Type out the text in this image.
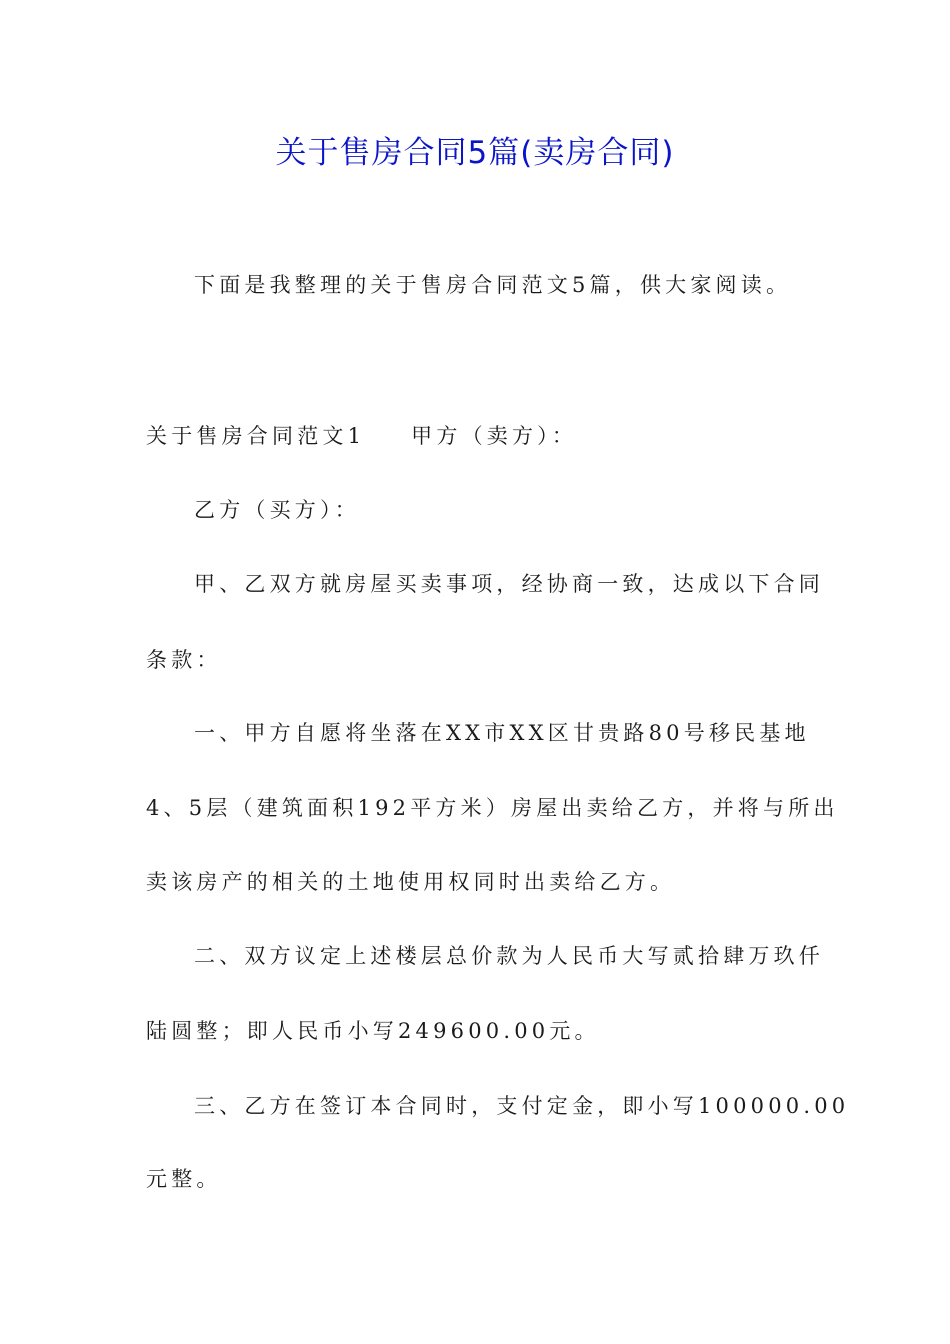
关于售房合同5篇(卖房合同)
下面是我整理的关于售房合同范文5篇，供大家阅读。
关于售房合同范文1 甲方（卖方）：
乙方（买方）：
甲、乙双方就房屋买卖事项，经协商一致，达成以下合同
条款：
一、甲方自愿将坐落在XX市XX区甘贵路80号移民基地
4、5层（建筑面积192平方米）房屋出卖给乙方，并将与所出
卖该房产的相关的土地使用权同时出卖给乙方。
二、双方议定上述楼层总价款为人民币大写贰拾肆万玖仟
陆圆整；即人民币小写249600.00元。
三、乙方在签订本合同时，支付定金，即小写100000.00
元整。
